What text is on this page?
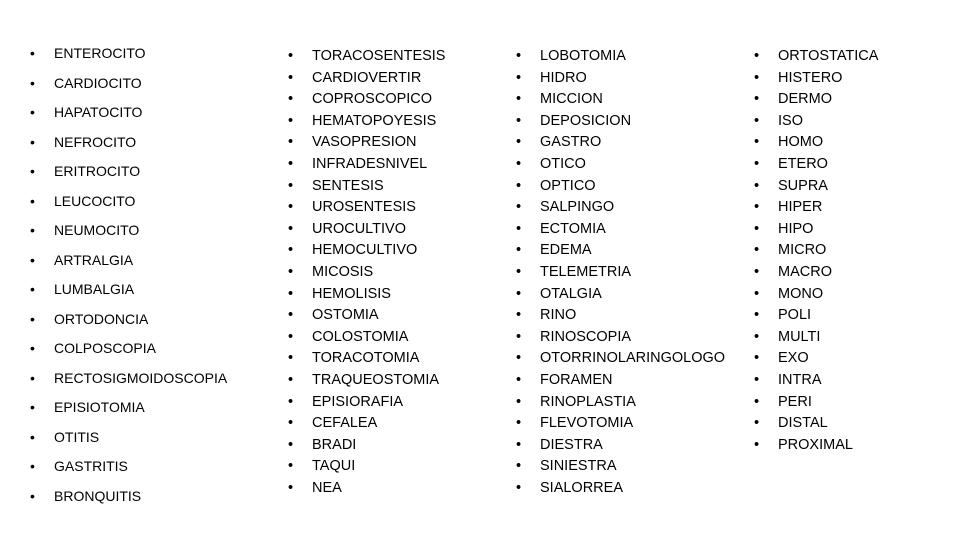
• ENTEROCITO
• CARDIOCITO
• HAPATOCITO
• NEFROCITO
• ERITROCITO
• LEUCOCITO
• NEUMOCITO
• ARTRALGIA
• LUMBALGIA
• ORTODONCIA
• COLPOSCOPIA
• RECTOSIGMOIDOSCOPIA
• EPISIOTOMIA
• OTITIS
• GASTRITIS
• BRONQUITIS
• TORACOSENTESIS
• CARDIOVERTIR
• COPROSCOPICO
• HEMATOPOYESIS
• VASOPRESION
• INFRADESNIVEL
• SENTESIS
• UROSENTESIS
• UROCULTIVO
• HEMOCULTIVO
• MICOSIS
• HEMOLISIS
• OSTOMIA
• COLOSTOMIA
• TORACOTOMIA
• TRAQUEOSTOMIA
• EPISIORAFIA
• CEFALEA
• BRADI
• TAQUI
• NEA
• LOBOTOMIA
• HIDRO
• MICCION
• DEPOSICION
• GASTRO
• OTICO
• OPTICO
• SALPINGO
• ECTOMIA
• EDEMA
• TELEMETRIA
• OTALGIA
• RINO
• RINOSCOPIA
• OTORRINOLARINGOLOGO
• FORAMEN
• RINOPLASTIA
• FLEVOTOMIA
• DIESTRA
• SINIESTRA
• SIALORREA
• ORTOSTATICA
• HISTERO
• DERMO
• ISO
• HOMO
• ETERO
• SUPRA
• HIPER
• HIPO
• MICRO
• MACRO
• MONO
• POLI
• MULTI
• EXO
• INTRA
• PERI
• DISTAL
• PROXIMAL
